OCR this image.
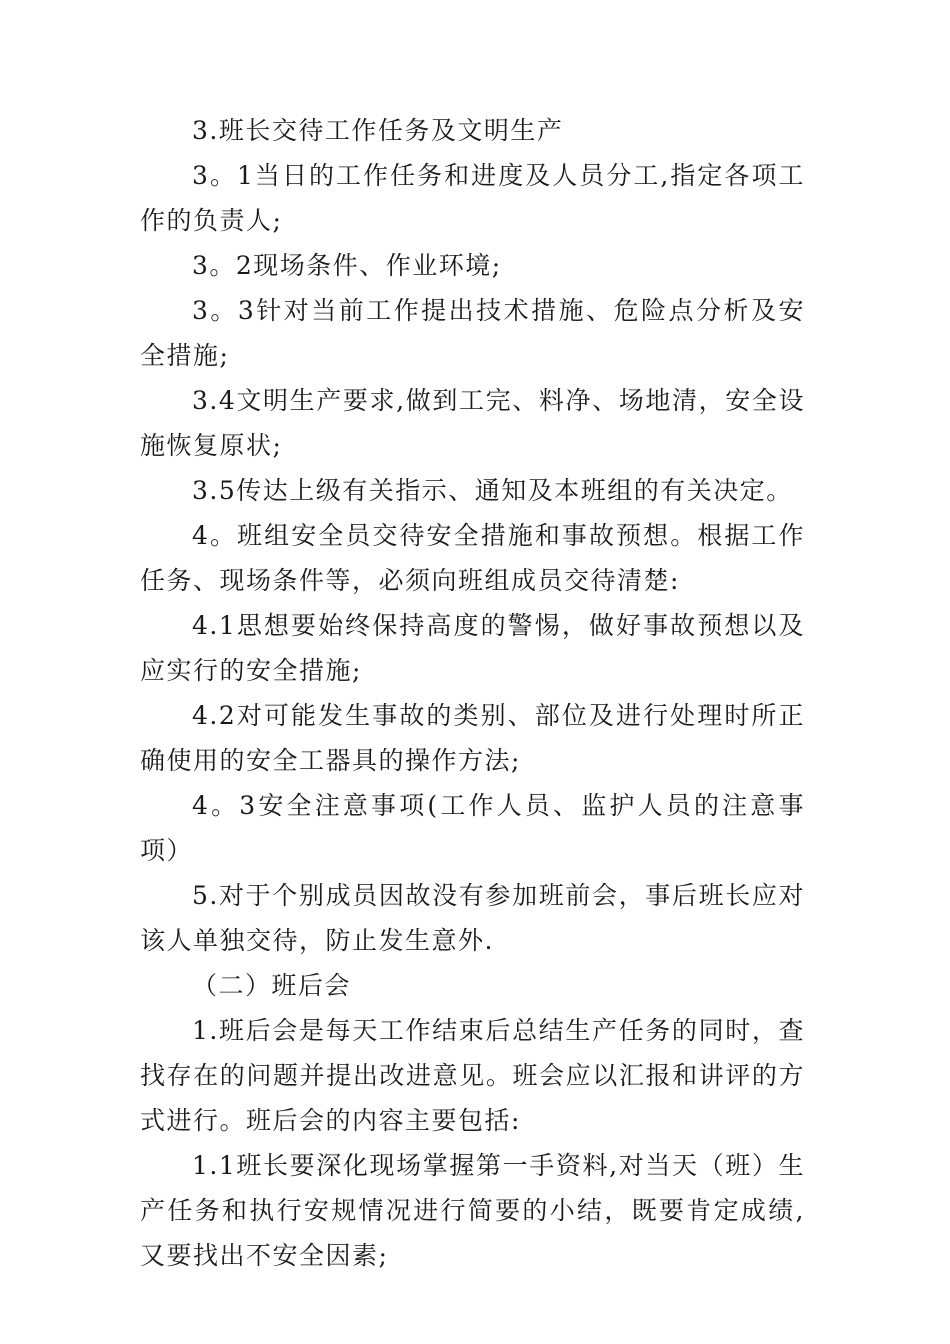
3.班长交待工作任务及文明生产

3。1当日的工作任务和进度及人员分工,指定各项工作的负责人;

3。2现场条件、作业环境;

3。3针对当前工作提出技术措施、危险点分析及安全措施;

3.4文明生产要求,做到工完、料净、场地清，安全设施恢复原状;

3.5传达上级有关指示、通知及本班组的有关决定。

4。班组安全员交待安全措施和事故预想。根据工作任务、现场条件等，必须向班组成员交待清楚:

4.1思想要始终保持高度的警惕，做好事故预想以及应实行的安全措施;

4.2对可能发生事故的类别、部位及进行处理时所正确使用的安全工器具的操作方法;

4。3安全注意事项(工作人员、监护人员的注意事项）

5.对于个别成员因故没有参加班前会，事后班长应对该人单独交待，防止发生意外.

（二）班后会

1.班后会是每天工作结束后总结生产任务的同时，查找存在的问题并提出改进意见。班会应以汇报和讲评的方式进行。班后会的内容主要包括:

1.1班长要深化现场掌握第一手资料,对当天（班）生产任务和执行安规情况进行简要的小结，既要肯定成绩,又要找出不安全因素;
